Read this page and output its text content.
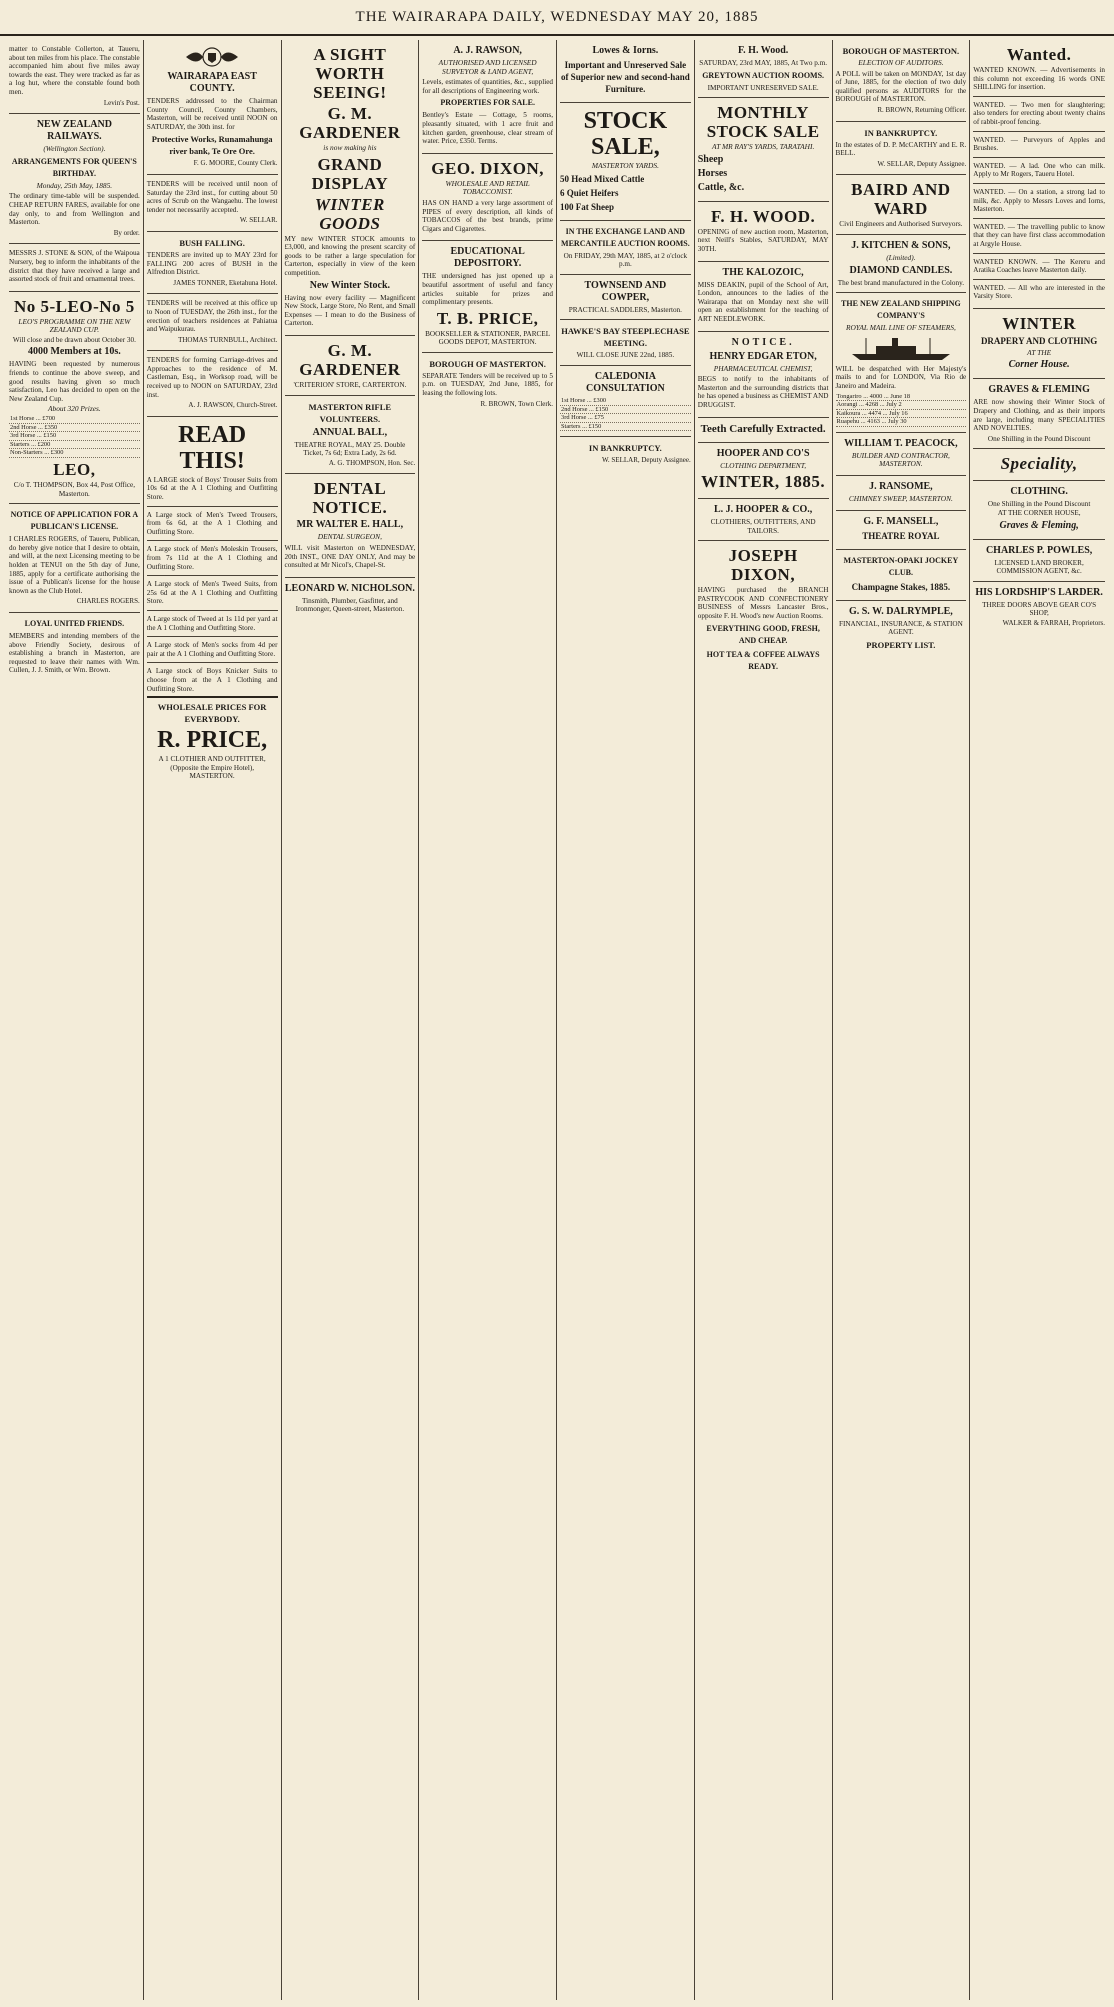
THE WAIRARAPA DAILY, WEDNESDAY MAY 20, 1885
matter to Constable Collerton, at Taueru, about ten miles from his place. The constable accompanied him about five miles away towards the east. They were tracked as far as a log hut, where the constable found both men.
Levin's Post.
NEW ZEALAND RAILWAYS.
(Wellington Section).
ARRANGEMENTS FOR QUEEN'S BIRTHDAY.
Monday, 25th May, 1885.
The ordinary time-table will be suspended. CHEAP RETURN FARES, available for one day only, to and from Wellington and Masterton.
By order.
MESSRS J. STONE & SON, of the Waipoua Nursery, beg to inform the inhabitants of the district that they have received a large and assorted stock of fruit and ornamental trees.
No 5-LEO-No 5
LEO'S PROGRAMME ON THE NEW ZEALAND CUP.
Will close and be drawn about October 30.
4000 Members at 10s.
HAVING been requested by numerous friends to continue the above sweep, and good results having given so much satisfaction, Leo has decided to open on the New Zealand Cup.
About 320 Prizes.
1st Horse ... £700
2nd Horse ... £350
3rd Horse ... £150
Starters ... £200
Non-Starters ... £300
LEO,
C/o T. THOMPSON, Box 44, Post Office, Masterton.
NOTICE OF APPLICATION FOR A PUBLICAN'S LICENSE.
I CHARLES ROGERS, of Taueru, Publican, do hereby give notice that I desire to obtain, and will, at the next Licensing meeting to be holden at TENUI on the 5th day of June, 1885, apply for a certificate authorising the issue of a Publican's license for the house known as the Club Hotel.
CHARLES ROGERS.
LOYAL UNITED FRIENDS.
MEMBERS and intending members of the above Friendly Society, desirous of establishing a branch in Masterton, are requested to leave their names with Wm. Cullen, J. J. Smith, or Wm. Brown.
WAIRARAPA EAST COUNTY.
TENDERS addressed to the Chairman County Council, County Chambers, Masterton, will be received until NOON on SATURDAY, the 30th inst. for
Protective Works, Runamahunga river bank, Te Ore Ore.
F. G. MOORE, County Clerk.
TENDERS will be received until noon of Saturday the 23rd inst., for cutting about 50 acres of Scrub on the Wangaehu. The lowest tender not necessarily accepted.
W. SELLAR.
BUSH FALLING.
TENDERS are invited up to MAY 23rd for FALLING 200 acres of BUSH in the Alfredton District.
JAMES TONNER, Eketahuna Hotel.
TENDERS will be received at this office up to Noon of TUESDAY, the 26th inst., for the erection of teachers residences at Pahiatua and Waipukurau.
THOMAS TURNBULL, Architect.
TENDERS for forming Carriage-drives and Approaches to the residence of M. Castleman, Esq., in Worksop road, will be received up to NOON on SATURDAY, 23rd inst.
A. J. RAWSON, Church-Street.
READ THIS!
A LARGE stock of Boys' Trouser Suits from 10s 6d at the A 1 Clothing and Outfitting Store.
A Large stock of Men's Tweed Trousers, from 6s 6d, at the A 1 Clothing and Outfitting Store.
A Large stock of Men's Moleskin Trousers, from 7s 11d at the A 1 Clothing and Outfitting Store.
A Large stock of Men's Tweed Suits, from 25s 6d at the A 1 Clothing and Outfitting Store.
A Large stock of Tweed at 1s 11d per yard at the A 1 Clothing and Outfitting Store.
A Large stock of Men's socks from 4d per pair at the A 1 Clothing and Outfitting Store.
A Large stock of Boys Knicker Suits to choose from at the A 1 Clothing and Outfitting Store.
WHOLESALE PRICES FOR EVERYBODY.
R. PRICE,
A 1 CLOTHIER AND OUTFITTER, (Opposite the Empire Hotel), MASTERTON.
A SIGHT WORTH SEEING!
G. M. GARDENER
is now making his
GRAND DISPLAY
WINTER GOODS
MY new WINTER STOCK amounts to £3,000, and knowing the present scarcity of goods to be rather a large speculation for Carterton, especially in view of the keen competition.
New Winter Stock.
Having now every facility — Magnificent New Stock, Large Store, No Rent, and Small Expenses — I mean to do the Business of Carterton.
G. M. GARDENER
'CRITERION' STORE, CARTERTON.
MASTERTON RIFLE VOLUNTEERS.
ANNUAL BALL,
THEATRE ROYAL, MAY 25. Double Ticket, 7s 6d; Extra Lady, 2s 6d.
A. G. THOMPSON, Hon. Sec.
DENTAL NOTICE.
MR WALTER E. HALL,
DENTAL SURGEON,
WILL visit Masterton on WEDNESDAY, 20th INST., ONE DAY ONLY, And may be consulted at Mr Nicol's, Chapel-St.
LEONARD W. NICHOLSON.
Tinsmith, Plumber, Gasfitter, and Ironmonger, Queen-street, Masterton.
A. J. RAWSON,
AUTHORISED AND LICENSED SURVEYOR & LAND AGENT,
Levels, estimates of quantities, &c., supplied for all descriptions of Engineering work.
PROPERTIES FOR SALE.
Bentley's Estate — Cottage, 5 rooms, pleasantly situated, with 1 acre fruit and kitchen garden, greenhouse, clear stream of water. Price, £350. Terms.
GEO. DIXON,
WHOLESALE AND RETAIL TOBACCONIST.
HAS ON HAND a very large assortment of PIPES of every description, all kinds of TOBACCOS of the best brands, prime Cigars and Cigarettes.
EDUCATIONAL DEPOSITORY.
THE undersigned has just opened up a beautiful assortment of useful and fancy articles suitable for prizes and complimentary presents.
T. B. PRICE,
BOOKSELLER & STATIONER, PARCEL GOODS DEPOT, MASTERTON.
BOROUGH OF MASTERTON.
SEPARATE Tenders will be received up to 5 p.m. on TUESDAY, 2nd June, 1885, for leasing the following lots.
R. BROWN, Town Clerk.
Lowes & Iorns.
Important and Unreserved Sale of Superior new and second-hand Furniture.
STOCK SALE,
MASTERTON YARDS.
50 Head Mixed Cattle
6 Quiet Heifers
100 Fat Sheep
IN THE EXCHANGE LAND AND MERCANTILE AUCTION ROOMS.
On FRIDAY, 29th MAY, 1885, at 2 o'clock p.m.
TOWNSEND AND COWPER,
PRACTICAL SADDLERS, Masterton.
HAWKE'S BAY STEEPLECHASE MEETING.
WILL CLOSE JUNE 22nd, 1885.
CALEDONIA CONSULTATION
1st Horse ... £300
2nd Horse ... £150
3rd Horse ... £75
Starters ... £150
IN BANKRUPTCY.
W. SELLAR, Deputy Assignee.
F. H. Wood.
SATURDAY, 23rd MAY, 1885, At Two p.m.
GREYTOWN AUCTION ROOMS.
IMPORTANT UNRESERVED SALE.
MONTHLY STOCK SALE
AT MR RAY'S YARDS, TARATAHI.
Sheep
Horses
Cattle, &c.
F. H. WOOD.
OPENING of new auction room, Masterton, next Neill's Stables, SATURDAY, MAY 30TH.
THE KALOZOIC,
MISS DEAKIN, pupil of the School of Art, London, announces to the ladies of the Wairarapa that on Monday next she will open an establishment for the teaching of ART NEEDLEWORK.
NOTICE.
HENRY EDGAR ETON,
PHARMACEUTICAL CHEMIST,
BEGS to notify to the inhabitants of Masterton and the surrounding districts that he has opened a business as CHEMIST AND DRUGGIST.
Teeth Carefully Extracted.
HOOPER AND CO'S
CLOTHING DEPARTMENT,
WINTER, 1885.
L. J. HOOPER & CO.,
CLOTHIERS, OUTFITTERS, AND TAILORS.
JOSEPH DIXON,
HAVING purchased the BRANCH PASTRYCOOK AND CONFECTIONERY BUSINESS of Messrs Lancaster Bros., opposite F. H. Wood's new Auction Rooms.
EVERYTHING GOOD, FRESH, AND CHEAP.
HOT TEA & COFFEE ALWAYS READY.
BOROUGH OF MASTERTON.
ELECTION OF AUDITORS.
A POLL will be taken on MONDAY, 1st day of June, 1885, for the election of two duly qualified persons as AUDITORS for the BOROUGH of MASTERTON.
R. BROWN, Returning Officer.
IN BANKRUPTCY.
In the estates of D. P. McCARTHY and E. R. BELL.
W. SELLAR, Deputy Assignee.
BAIRD AND WARD
Civil Engineers and Authorised Surveyors.
J. KITCHEN & SONS,
(Limited).
DIAMOND CANDLES.
The best brand manufactured in the Colony.
THE NEW ZEALAND SHIPPING COMPANY'S
ROYAL MAIL LINE OF STEAMERS,
WILL be despatched with Her Majesty's mails to and for LONDON, Via Rio de Janeiro and Madeira.
Tongariro ... 4000 ... June 18
Aorangi ... 4268 ... July 2
Kaikoura ... 4474 ... July 16
Ruapehu ... 4163 ... July 30
WILLIAM T. PEACOCK,
BUILDER AND CONTRACTOR, MASTERTON.
J. RANSOME,
CHIMNEY SWEEP, MASTERTON.
G. F. MANSELL,
THEATRE ROYAL
MASTERTON-OPAKI JOCKEY CLUB.
Champagne Stakes, 1885.
G. S. W. DALRYMPLE,
FINANCIAL, INSURANCE, & STATION AGENT.
PROPERTY LIST.
Wanted.
WANTED KNOWN. — Advertisements in this column not exceeding 16 words ONE SHILLING for insertion.
WANTED. — Two men for slaughtering; also tenders for erecting about twenty chains of rabbit-proof fencing.
WANTED. — Purveyors of Apples and Brushes.
WANTED. — A lad. One who can milk. Apply to Mr Rogers, Taueru Hotel.
WANTED. — On a station, a strong lad to milk, &c. Apply to Messrs Loves and Iorns, Masterton.
WANTED. — The travelling public to know that they can have first class accommodation at Argyle House.
WANTED KNOWN. — The Kereru and Aratika Coaches leave Masterton daily.
WANTED. — All who are interested in the Varsity Store.
WINTER
DRAPERY AND CLOTHING
AT THE
Corner House.
GRAVES & FLEMING
ARE now showing their Winter Stock of Drapery and Clothing, and as their imports are large, including many SPECIALITIES AND NOVELTIES.
One Shilling in the Pound Discount
Speciality,
CLOTHING.
One Shilling in the Pound Discount
AT THE CORNER HOUSE,
Graves & Fleming,
CHARLES P. POWLES,
LICENSED LAND BROKER, COMMISSION AGENT, &c.
HIS LORDSHIP'S LARDER.
THREE DOORS ABOVE GEAR CO'S SHOP,
WALKER & FARRAH, Proprietors.
